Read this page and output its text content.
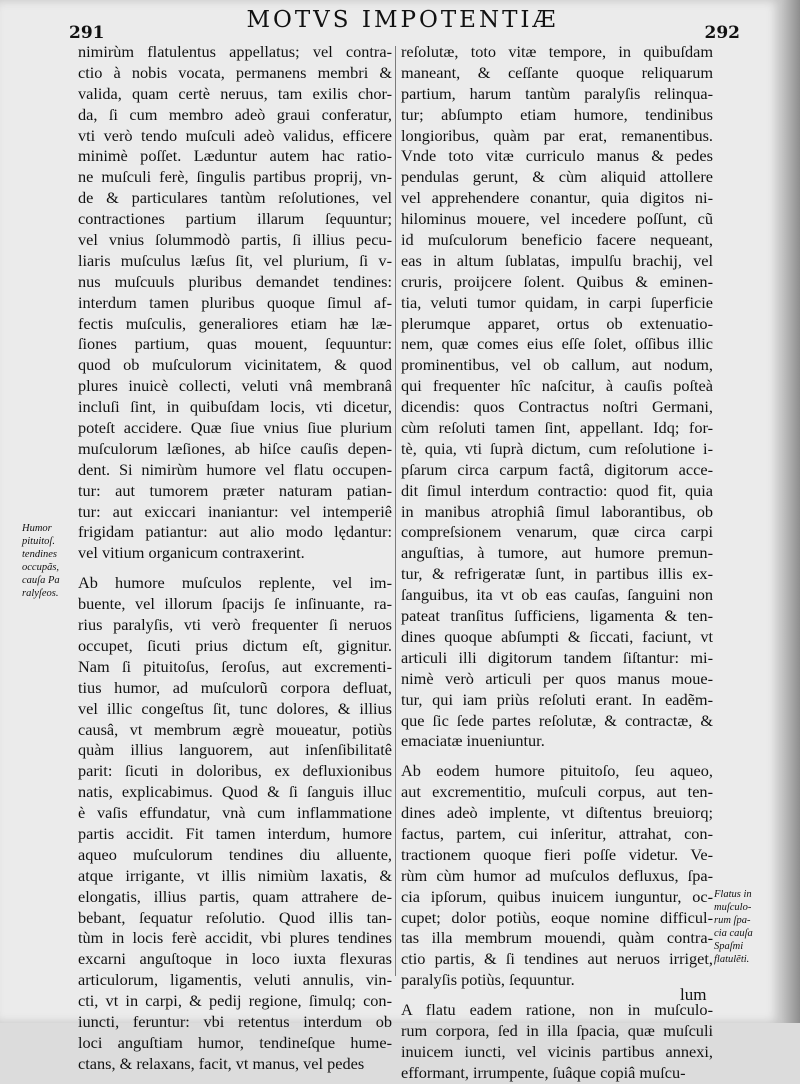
291	MOTVS IMPOTENTIÆ	292
nimirùm flatulentus appellatus; vel contra-
ctio à nobis vocata, permanens membri &
valida, quam certè neruus, tam exilis chor-
da, ſi cum membro adeò graui conferatur,
vti verò tendo muſculi adeò validus, efficere
minimè poſſet. Læduntur autem hac ratio-
ne muſculi ferè, ſingulis partibus proprij, vn-
de & particulares tantùm reſolutiones, vel
contractiones partium illarum ſequuntur;
vel vnius ſolummodò partis, ſi illius pecu-
liaris muſculus læſus ſit, vel plurium, ſi v-
nus muſcuuls pluribus demandet tendines:
interdum tamen pluribus quoque ſimul af-
fectis muſculis, generaliores etiam hæ læ-
ſiones partium, quas mouent, ſequuntur:
quod ob muſculorum vicinitatem, & quod
plures inuicè collecti, veluti vnâ membranâ
incluſi ſint, in quibuſdam locis, vti dicetur,
poteſt accidere. Quæ ſiue vnius ſiue plurium
muſculorum læſiones, ab hiſce cauſis depen-
dent. Si nimirùm humore vel flatu occupen-
tur: aut tumorem præter naturam patian-
tur: aut exiccari inaniantur: vel intemperiê
frigidam patiantur: aut alio modo lędantur:
vel vitium organicum contraxerint.
Ab humore muſculos replente, vel im-
buente, vel illorum ſpacijs ſe inſinuante, ra-
rius paralyſis, vti verò frequenter ſi neruos
occupet, ſicuti prius dictum eſt, gignitur.
Nam ſi pituitoſus, ſeroſus, aut excrementi-
tius humor, ad muſculorũ corpora defluat,
vel illic congeſtus ſit, tunc dolores, & illius
causâ, vt membrum ægrè moueatur, potiùs
quàm illius languorem, aut inſenſibilitatê
parit: ſicuti in doloribus, ex defluxionibus
natis, explicabimus. Quod & ſi ſanguis illuc
è vaſis effundatur, vnà cum inflammatione
partis accidit. Fit tamen interdum, humore
aqueo muſculorum tendines diu alluente,
atque irrigante, vt illis nimiùm laxatis, &
elongatis, illius partis, quam attrahere de-
bebant, ſequatur reſolutio. Quod illis tan-
tùm in locis ferè accidit, vbi plures tendines
excarni anguſtoque in loco iuxta flexuras
articulorum, ligamentis, veluti annulis, vin-
cti, vt in carpi, & pedij regione, ſimulq; con-
iuncti, feruntur: vbi retentus interdum ob
loci anguſtiam humor, tendineſque hume-
ctans, & relaxans, facit, vt manus, vel pedes
reſolutæ, toto vitæ tempore, in quibuſdam
maneant, & ceſſante quoque reliquarum
partium, harum tantùm paralyſis relinqua-
tur; abſumpto etiam humore, tendinibus
longioribus, quàm par erat, remanentibus.
Vnde toto vitæ curriculo manus & pedes
pendulas gerunt, & cùm aliquid attollere
vel apprehendere conantur, quia digitos ni-
hilominus mouere, vel incedere poſſunt, cũ
id muſculorum beneficio facere nequeant,
eas in altum ſublatas, impulſu brachij, vel
cruris, proijcere ſolent. Quibus & eminen-
tia, veluti tumor quidam, in carpi ſuperficie
plerumque apparet, ortus ob extenuatio-
nem, quæ comes eius eſſe ſolet, oſſibus illic
prominentibus, vel ob callum, aut nodum,
qui frequenter hîc naſcitur, à cauſis poſteà
dicendis: quos Contractus noſtri Germani,
cùm reſoluti tamen ſint, appellant. Idq; for-
tè, quia, vti ſuprà dictum, cum reſolutione i-
pſarum circa carpum factâ, digitorum acce-
dit ſimul interdum contractio: quod fit, quia
in manibus atrophiâ ſimul laborantibus, ob
compreſsionem venarum, quæ circa carpi
anguſtias, à tumore, aut humore premun-
tur, & refrigeratæ ſunt, in partibus illis ex-
ſanguibus, ita vt ob eas cauſas, ſanguini non
pateat tranſitus ſufficiens, ligamenta & ten-
dines quoque abſumpti & ſiccati, faciunt, vt
articuli illi digitorum tandem ſiſtantur: mi-
nimè verò articuli per quos manus moue-
tur, qui iam priùs reſoluti erant. In eadẽm-
que ſic ſede partes reſolutæ, & contractæ, &
emaciatæ inueniuntur.
Ab eodem humore pituitoſo, ſeu aqueo,
aut excrementitio, muſculi corpus, aut ten-
dines adeò implente, vt diſtentus breuiorq;
factus, partem, cui inſeritur, attrahat, con-
tractionem quoque fieri poſſe videtur. Ve-
rùm cùm humor ad muſculos defluxus, ſpa-
cia ipſorum, quibus inuicem iunguntur, oc-
cupet; dolor potiùs, eoque nomine difficul-
tas illa membrum mouendi, quàm contra-
ctio partis, & ſi tendines aut neruos irriget,
paralyſis potiùs, ſequuntur.
A flatu eadem ratione, non in muſculo-
rum corpora, ſed in illa ſpacia, quæ muſculi
inuicem iuncti, vel vicinis partibus annexi,
efformant, irrumpente, ſuâque copiâ muſcu-
Humor
pituitoſ.
tendines
occupãs,
cauſa Pa
ralyſeos.
Flatus in
muſculo-
rum ſpa-
cia cauſa
Spaſmi
flatulẽti.
lum
